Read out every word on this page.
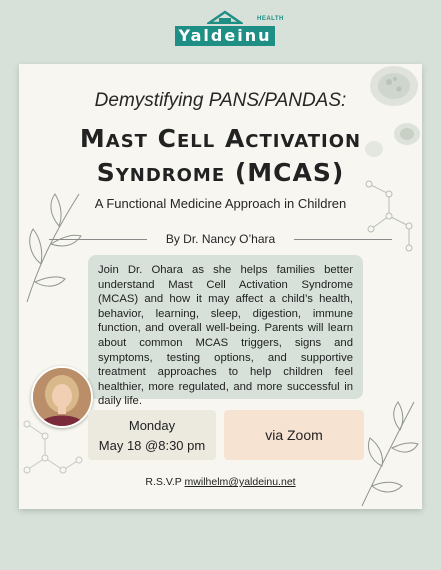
HEALTH
Yaldeinu
Demystifying PANS/PANDAS:
Mast Cell Activation
Syndrome (MCAS)
A Functional Medicine Approach in Children
By Dr. Nancy O’hara
Join Dr. Ohara as she helps families better understand Mast Cell Activation Syndrome (MCAS) and how it may affect a child’s health, behavior, learning, sleep, digestion, immune function, and overall well-being. Parents will learn about common MCAS triggers, signs and symptoms, testing options, and supportive treatment approaches to help children feel healthier, more regulated, and more successful in daily life.
Monday
May 18 @8:30 pm
via Zoom
R.S.V.P mwilhelm@yaldeinu.net
